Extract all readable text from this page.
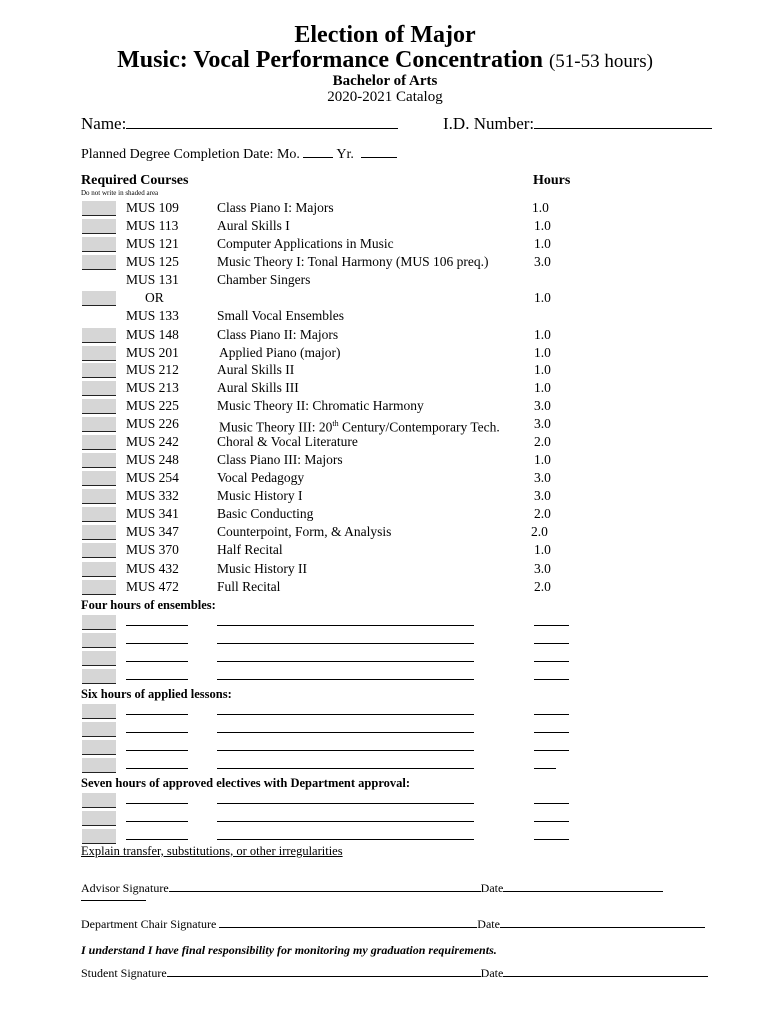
Election of Major
Music: Vocal Performance Concentration (51-53 hours)
Bachelor of Arts
2020-2021 Catalog
Name:	I.D. Number:
Planned Degree Completion Date: Mo.	Yr.
Required Courses
Do not write in shaded area
Hours
MUS 109	Class Piano I: Majors	1.0
MUS 113	Aural Skills I	1.0
MUS 121	Computer Applications in Music	1.0
MUS 125	Music Theory I: Tonal Harmony (MUS 106 preq.)	3.0
MUS 131	Chamber Singers
OR	1.0
MUS 133	Small Vocal Ensembles
MUS 148	Class Piano II: Majors	1.0
MUS 201	Applied Piano (major)	1.0
MUS 212	Aural Skills II	1.0
MUS 213	Aural Skills III	1.0
MUS 225	Music Theory II: Chromatic Harmony	3.0
MUS 226	Music Theory III: 20th Century/Contemporary Tech.	3.0
MUS 242	Choral & Vocal Literature	2.0
MUS 248	Class Piano III: Majors	1.0
MUS 254	Vocal Pedagogy	3.0
MUS 332	Music History I	3.0
MUS 341	Basic Conducting	2.0
MUS 347	Counterpoint, Form, & Analysis	2.0
MUS 370	Half Recital	1.0
MUS 432	Music History II	3.0
MUS 472	Full Recital	2.0
Four hours of ensembles:
Six hours of applied lessons:
Seven hours of approved electives with Department approval:
Explain transfer, substitutions, or other irregularities
Advisor Signature	Date
Department Chair Signature	Date
I understand I have final responsibility for monitoring my graduation requirements.
Student Signature	Date
